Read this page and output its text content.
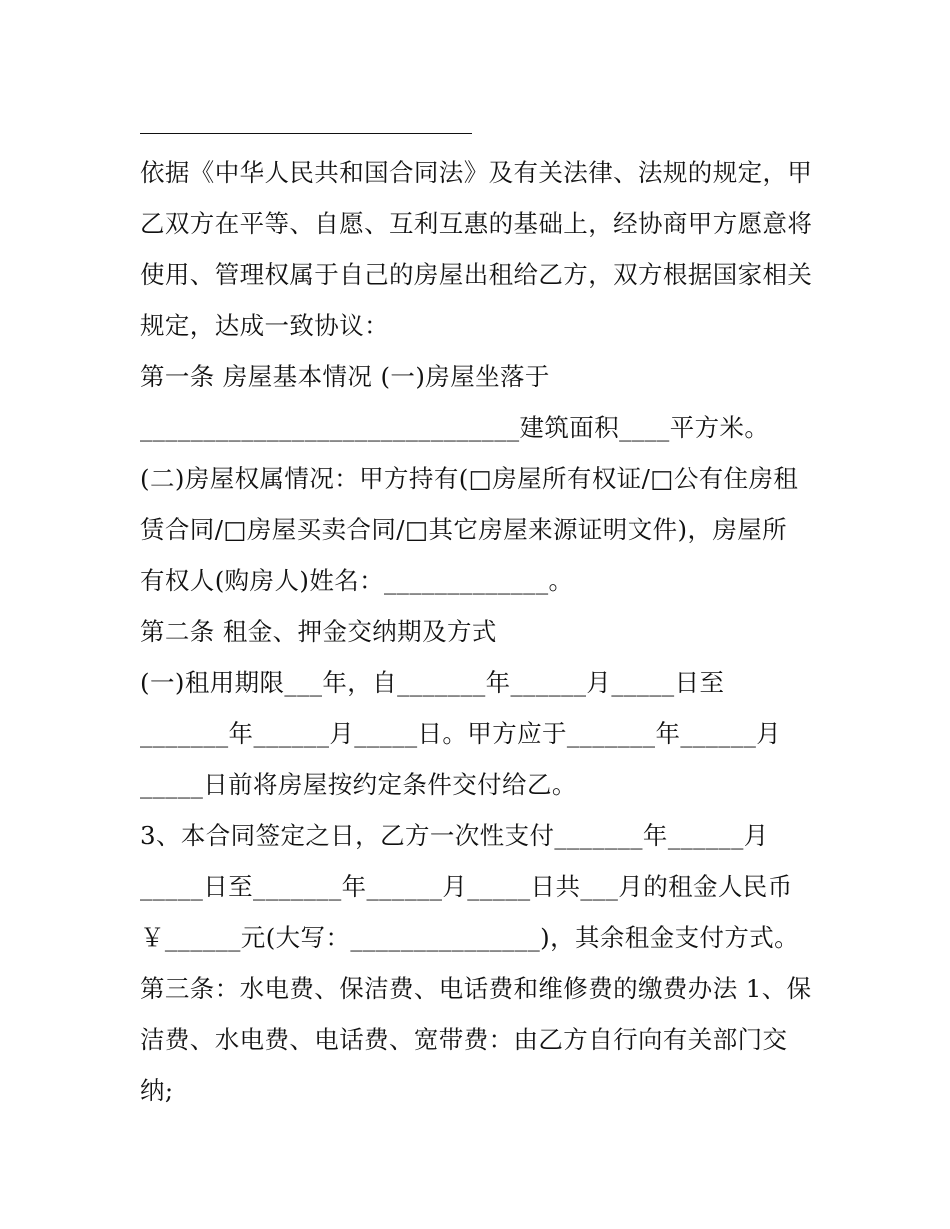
依据《中华人民共和国合同法》及有关法律、法规的规定，甲
乙双方在平等、自愿、互利互惠的基础上，经协商甲方愿意将
使用、管理权属于自己的房屋出租给乙方，双方根据国家相关
规定，达成一致协议：
第一条 房屋基本情况 (一)房屋坐落于
______________________________建筑面积____平方米。
(二)房屋权属情况：甲方持有(□房屋所有权证/□公有住房租
赁合同/□房屋买卖合同/□其它房屋来源证明文件)，房屋所
有权人(购房人)姓名：_____________。
第二条 租金、押金交纳期及方式
(一)租用期限___年，自_______年______月_____日至
_______年______月_____日。甲方应于_______年______月
_____日前将房屋按约定条件交付给乙。
3、本合同签定之日，乙方一次性支付_______年______月
_____日至_______年______月_____日共___月的租金人民币
￥______元(大写：_______________)，其余租金支付方式。
第三条：水电费、保洁费、电话费和维修费的缴费办法 1、保
洁费、水电费、电话费、宽带费：由乙方自行向有关部门交
纳;
